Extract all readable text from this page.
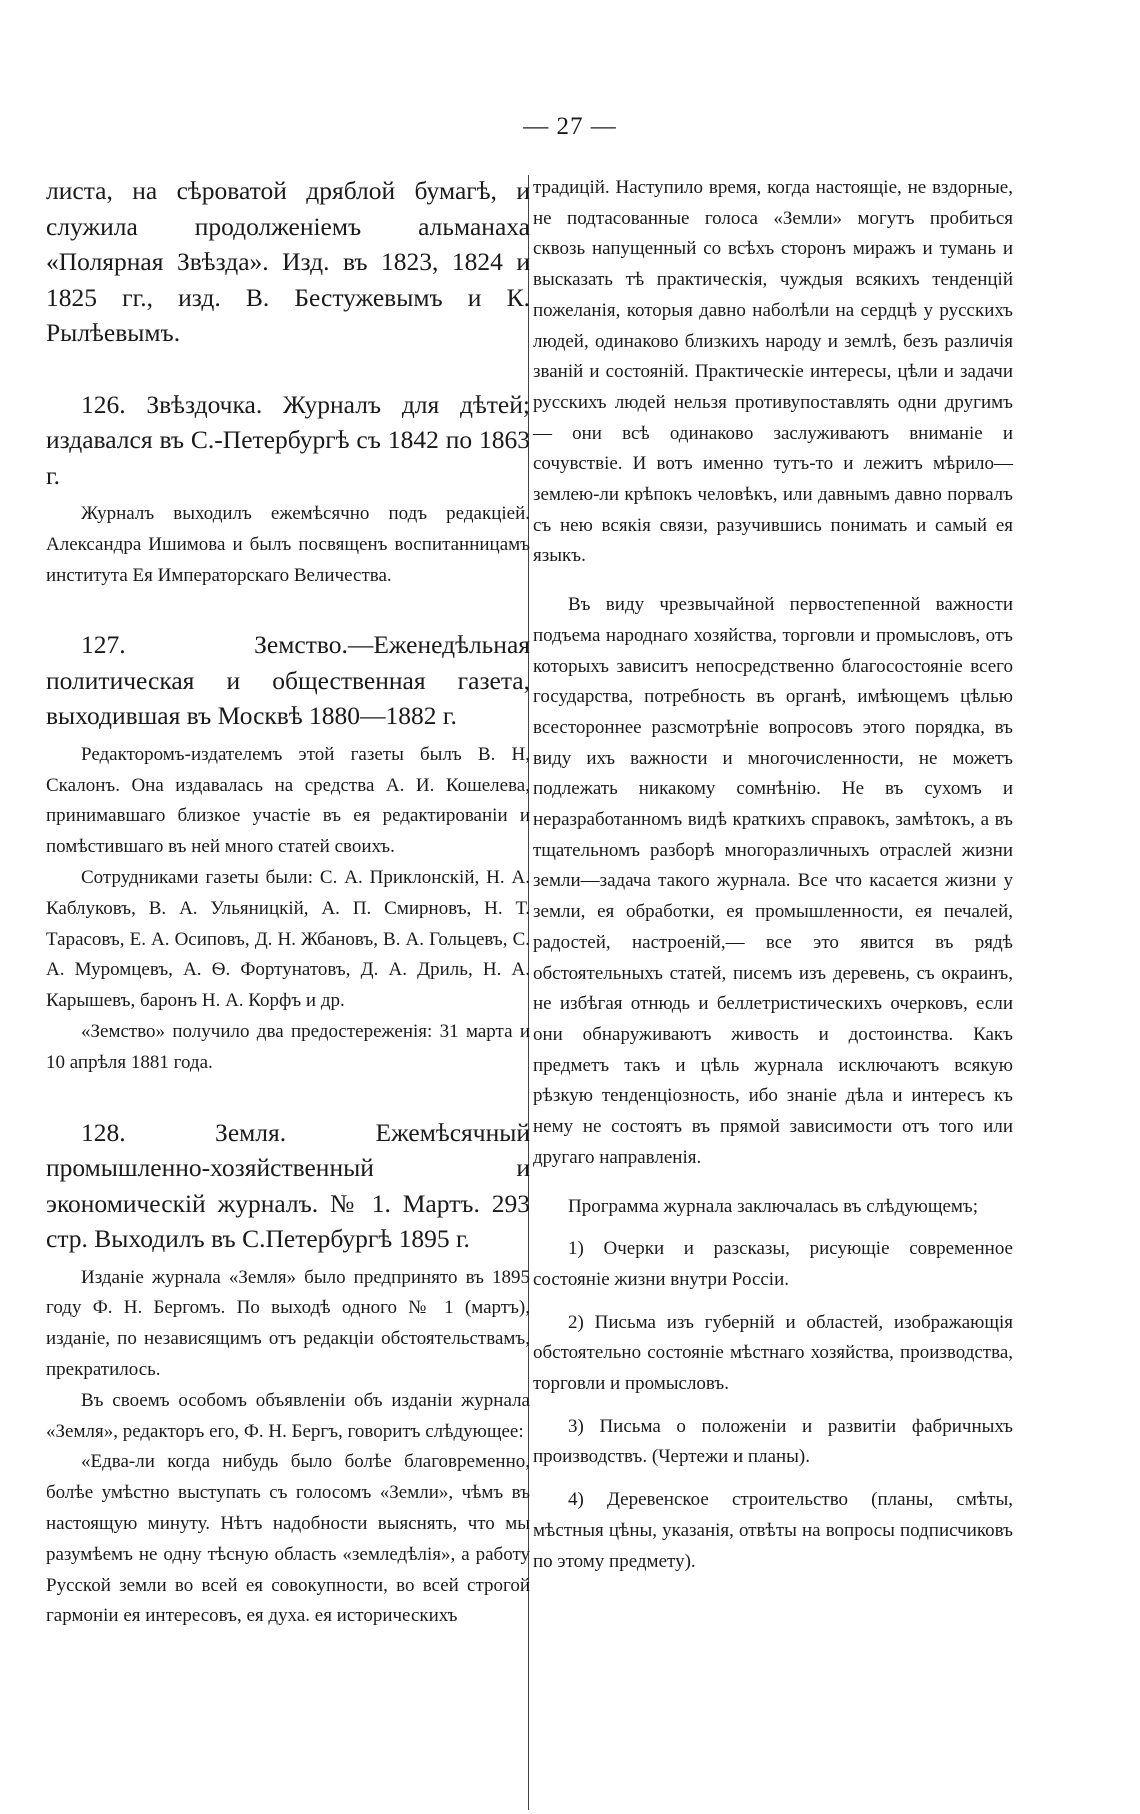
— 27 —

листа, на сѣроватой дряблой бумагѣ, и служила продолженіемъ альманаха «Полярная Звѣзда». Изд. въ 1823, 1824 и 1825 гг., изд. В. Бестужевымъ и К. Рылѣевымъ.

126. Звѣздочка. Журналъ для дѣтей; издавался въ С.-Петербургѣ съ 1842 по 1863 г.

Журналъ выходилъ ежемѣсячно подъ редакціей. Александра Ишимова и былъ посвященъ воспитанницамъ института Ея Императорскаго Величества.

127. Земство.—Еженедѣльная политическая и общественная газета, выходившая въ Москвѣ 1880—1882 г.

Редакторомъ-издателемъ этой газеты былъ В. Н, Скалонъ. Она издавалась на средства А. И. Кошелева, принимавшаго близкое участіе въ ея редактированіи и помѣстившаго въ ней много статей своихъ.

Сотрудниками газеты были: С. А. Приклонскій, Н. А. Каблуковъ, В. А. Ульяницкій, А. П. Смирновъ, Н. Т. Тарасовъ, Е. А. Осиповъ, Д. Н. Жбановъ, В. А. Гольцевъ, С. А. Муромцевъ, А. Ѳ. Фортунатовъ, Д. А. Дриль, Н. А. Карышевъ, баронъ Н. А. Корфъ и др.

«Земство» получило два предостереженія: 31 марта и 10 апрѣля 1881 года.

128. Земля. Ежемѣсячный промышленно-хозяйственный и экономическій журналъ. № 1. Мартъ. 293 стр. Выходилъ въ С.Петербургѣ 1895 г.

Изданіе журнала «Земля» было предпринято въ 1895 году Ф. Н. Бергомъ. По выходѣ одного № 1 (мартъ), изданіе, по независящимъ отъ редакціи обстоятельствамъ, прекратилось.

Въ своемъ особомъ объявленіи объ изданіи журнала «Земля», редакторъ его, Ф. Н. Бергъ, говоритъ слѣдующее:

«Едва-ли когда нибудь было болѣе благовременно, болѣе умѣстно выступать съ голосомъ «Земли», чѣмъ въ настоящую минуту. Нѣтъ надобности выяснять, что мы разумѣемъ не одну тѣсную область «земледѣлія», а работу Русской земли во всей ея совокупности, во всей строгой гармоніи ея интересовъ, ея духа. ея историческихъ

традицій. Наступило время, когда настоящіе, не вздорные, не подтасованные голоса «Земли» могутъ пробиться сквозь напущенный со всѣхъ сторонъ миражъ и тумань и высказать тѣ практическія, чуждыя всякихъ тенденцій пожеланія, которыя давно наболѣли на сердцѣ у русскихъ людей, одинаково близкихъ народу и землѣ, безъ различія званій и состояній. Практическіе интересы, цѣли и задачи русскихъ людей нельзя противупоставлять одни другимъ — они всѣ одинаково заслуживаютъ вниманіе и сочувствіе. И вотъ именно тутъ-то и лежитъ мѣрило—землею-ли крѣпокъ человѣкъ, или давнымъ давно порвалъ съ нею всякія связи, разучившись понимать и самый ея языкъ.

Въ виду чрезвычайной первостепенной важности подъема народнаго хозяйства, торговли и промысловъ, отъ которыхъ зависитъ непосредственно благосостояніе всего государства, потребность въ органѣ, имѣющемъ цѣлью всестороннее разсмотрѣніе вопросовъ этого порядка, въ виду ихъ важности и многочисленности, не можетъ подлежать никакому сомнѣнію. Не въ сухомъ и неразработанномъ видѣ краткихъ справокъ, замѣтокъ, а въ тщательномъ разборѣ многоразличныхъ отраслей жизни земли—задача такого журнала. Все что касается жизни у земли, ея обработки, ея промышленности, ея печалей, радостей, настроеній,— все это явится въ рядѣ обстоятельныхъ статей, писемъ изъ деревень, съ окраинъ, не избѣгая отнюдь и беллетристическихъ очерковъ, если они обнаруживаютъ живость и достоинства. Какъ предметъ такъ и цѣль журнала исключаютъ всякую рѣзкую тенденціозность, ибо знаніе дѣла и интересъ къ нему не состоятъ въ прямой зависимости отъ того или другаго направленія.

Программа журнала заключалась въ слѣдующемъ;

1) Очерки и разсказы, рисующіе современное состояніе жизни внутри Россіи.

2) Письма изъ губерній и областей, изображающія обстоятельно состояніе мѣстнаго хозяйства, производства, торговли и промысловъ.

3) Письма о положеніи и развитіи фабричныхъ производствъ. (Чертежи и планы).

4) Деревенское строительство (планы, смѣты, мѣстныя цѣны, указанія, отвѣты на вопросы подписчиковъ по этому предмету).
